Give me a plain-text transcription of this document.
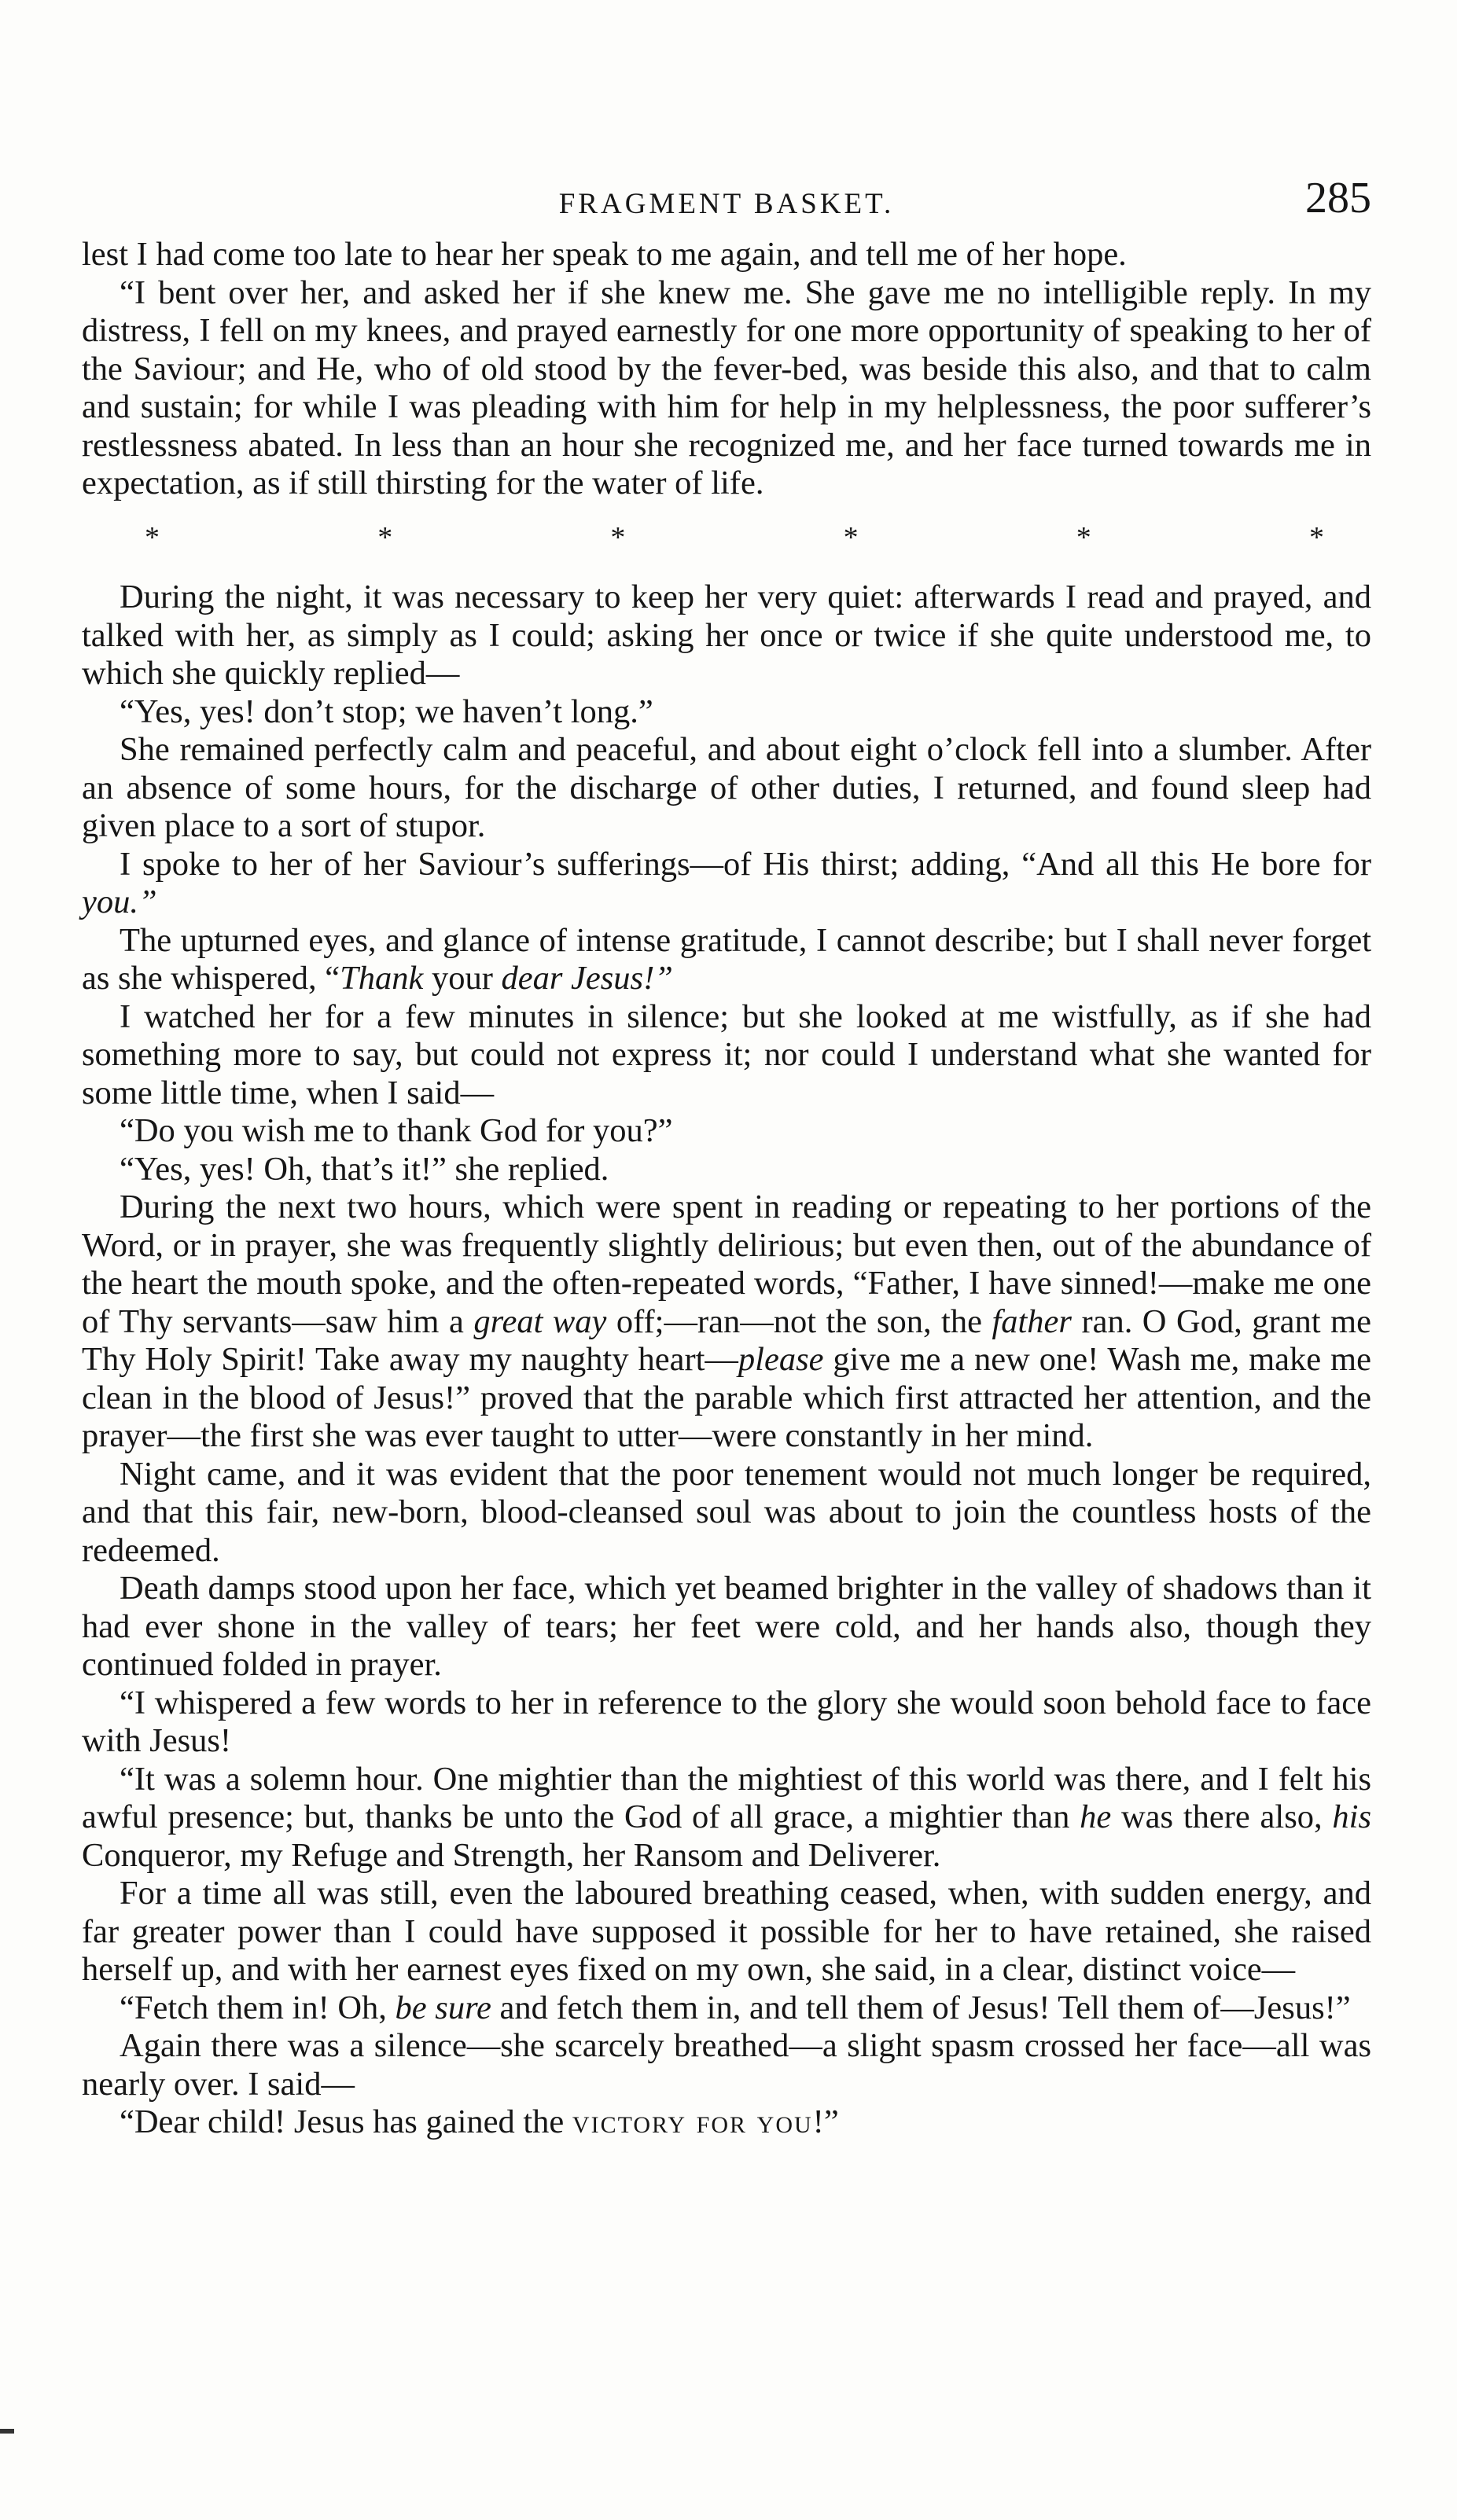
FRAGMENT BASKET.	285

lest I had come too late to hear her speak to me again, and tell me of her hope.

“I bent over her, and asked her if she knew me. She gave me no intelligible reply. In my distress, I fell on my knees, and prayed earnestly for one more opportunity of speaking to her of the Saviour; and He, who of old stood by the fever-bed, was beside this also, and that to calm and sustain; for while I was pleading with him for help in my helplessness, the poor sufferer’s restlessness abated. In less than an hour she recognized me, and her face turned towards me in expectation, as if still thirsting for the water of life.

*	*	*	*	*	*

During the night, it was necessary to keep her very quiet: afterwards I read and prayed, and talked with her, as simply as I could; asking her once or twice if she quite understood me, to which she quickly replied—

“Yes, yes! don’t stop; we haven’t long.”

She remained perfectly calm and peaceful, and about eight o’clock fell into a slumber. After an absence of some hours, for the discharge of other duties, I returned, and found sleep had given place to a sort of stupor.

I spoke to her of her Saviour’s sufferings—of His thirst; adding, “And all this He bore for you.”

The upturned eyes, and glance of intense gratitude, I cannot describe; but I shall never forget as she whispered, “Thank your dear Jesus!”

I watched her for a few minutes in silence; but she looked at me wistfully, as if she had something more to say, but could not express it; nor could I understand what she wanted for some little time, when I said—

“Do you wish me to thank God for you?”

“Yes, yes! Oh, that’s it!” she replied.

During the next two hours, which were spent in reading or repeating to her portions of the Word, or in prayer, she was frequently slightly delirious; but even then, out of the abundance of the heart the mouth spoke, and the often-repeated words, “Father, I have sinned!—make me one of Thy servants—saw him a great way off;—ran—not the son, the father ran. O God, grant me Thy Holy Spirit! Take away my naughty heart—please give me a new one! Wash me, make me clean in the blood of Jesus!” proved that the parable which first attracted her attention, and the prayer—the first she was ever taught to utter—were constantly in her mind.

Night came, and it was evident that the poor tenement would not much longer be required, and that this fair, new-born, blood-cleansed soul was about to join the countless hosts of the redeemed.

Death damps stood upon her face, which yet beamed brighter in the valley of shadows than it had ever shone in the valley of tears; her feet were cold, and her hands also, though they continued folded in prayer.

“I whispered a few words to her in reference to the glory she would soon behold face to face with Jesus!

“It was a solemn hour. One mightier than the mightiest of this world was there, and I felt his awful presence; but, thanks be unto the God of all grace, a mightier than he was there also, his Conqueror, my Refuge and Strength, her Ransom and Deliverer.

For a time all was still, even the laboured breathing ceased, when, with sudden energy, and far greater power than I could have supposed it possible for her to have retained, she raised herself up, and with her earnest eyes fixed on my own, she said, in a clear, distinct voice—

“Fetch them in! Oh, be sure and fetch them in, and tell them of Jesus! Tell them of—Jesus!”

Again there was a silence—she scarcely breathed—a slight spasm crossed her face—all was nearly over. I said—

“Dear child! Jesus has gained the victory for you!”
